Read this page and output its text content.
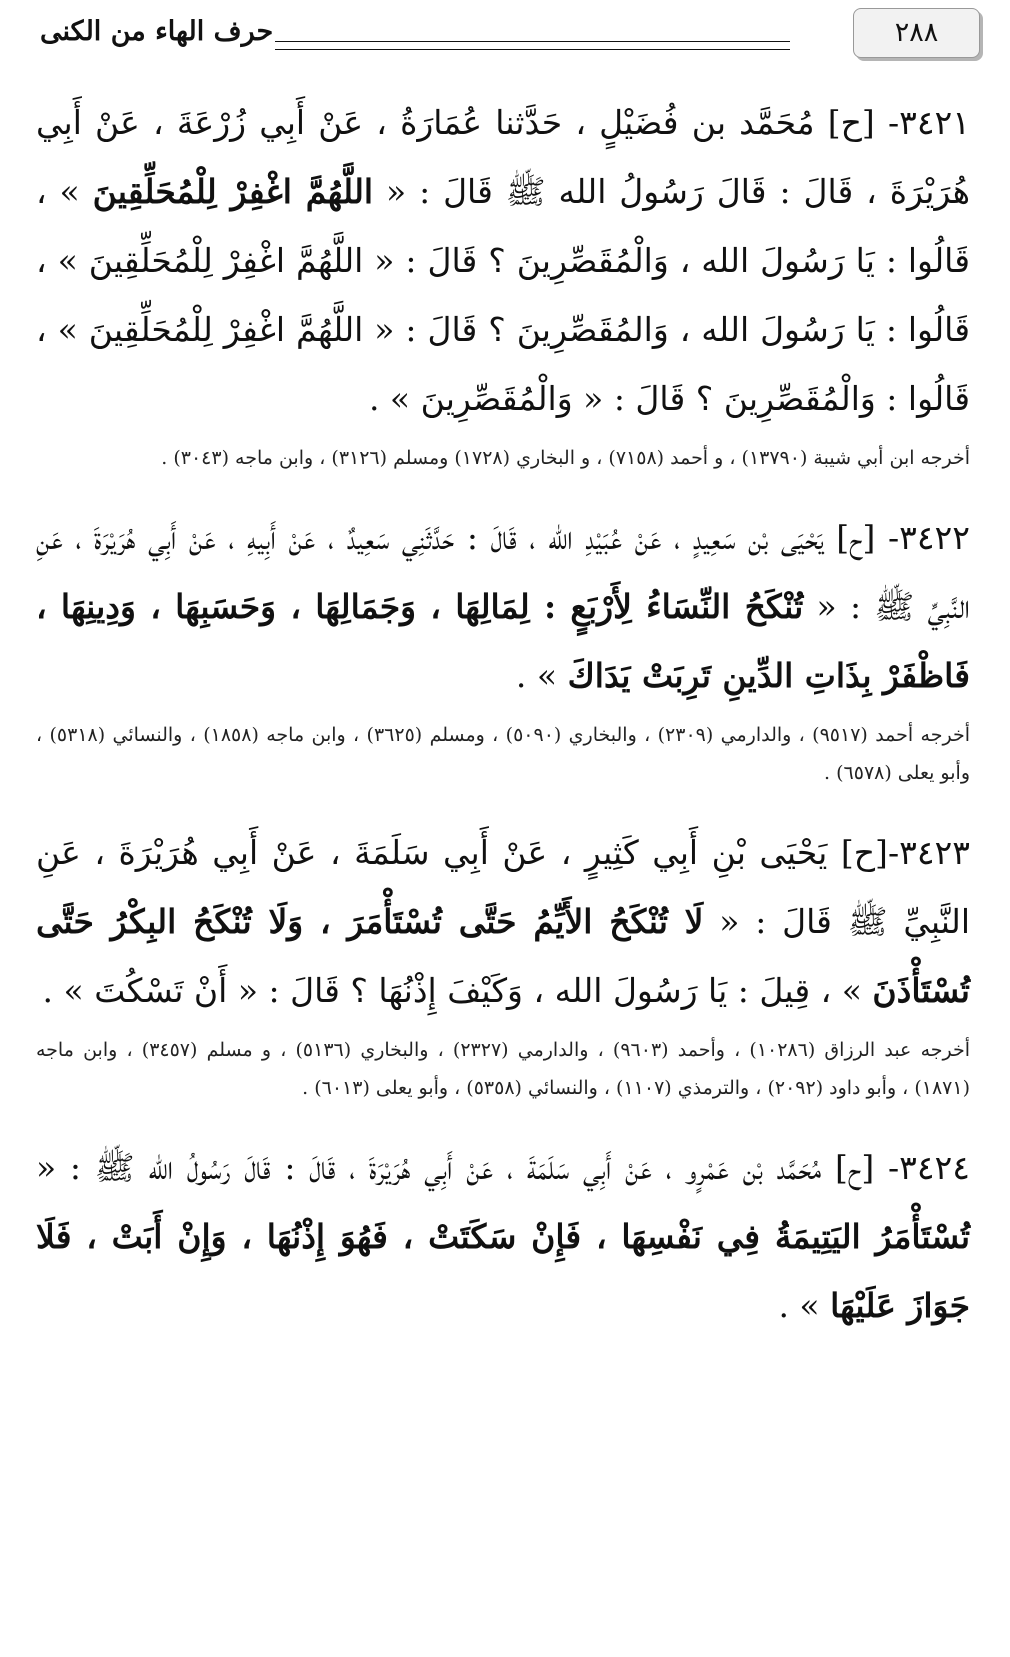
٢٨٨
حرف الهاء من الكنى

٣٤٢١- [ح] مُحَمَّد بن فُضَيْلٍ ، حَدَّثنا عُمَارَةُ ، عَنْ أَبِي زُرْعَةَ ، عَنْ أَبِي هُرَيْرَةَ ، قَالَ : قَالَ رَسُولُ الله ﷺ قَالَ : « اللَّهُمَّ اغْفِرْ لِلْمُحَلِّقِينَ » ، قَالُوا : يَا رَسُولَ الله ، وَالْمُقَصِّرِينَ ؟ قَالَ : « اللَّهُمَّ اغْفِرْ لِلْمُحَلِّقِينَ » ، قَالُوا : يَا رَسُولَ الله ، وَالمُقَصِّرِينَ ؟ قَالَ : « اللَّهُمَّ اغْفِرْ لِلْمُحَلِّقِينَ » ، قَالُوا : وَالْمُقَصِّرِينَ ؟ قَالَ : « وَالْمُقَصِّرِينَ » .

أخرجه ابن أبي شيبة (١٣٧٩٠) ، و أحمد (٧١٥٨) ، و البخاري (١٧٢٨) ومسلم (٣١٢٦) ، وابن ماجه (٣٠٤٣) .

٣٤٢٢- [ح] يَحْيَى بْن سَعِيدٍ ، عَنْ عُبَيْدِ الله ، قَالَ : حَدَّثَنِي سَعِيدٌ ، عَنْ أَبِيهِ ، عَنْ أَبِي هُرَيْرَةَ ، عَنِ النَّبِيِّ ﷺ : « تُنْكَحُ النِّسَاءُ لِأَرْبَعٍ : لِمَالِهَا ، وَجَمَالِهَا ، وَحَسَبِهَا ، وَدِينِهَا ، فَاظْفَرْ بِذَاتِ الدِّينِ تَرِبَتْ يَدَاكَ » .

أخرجه أحمد (٩٥١٧) ، والدارمي (٢٣٠٩) ، والبخاري (٥٠٩٠) ، ومسلم (٣٦٢٥) ، وابن ماجه (١٨٥٨) ، والنسائي (٥٣١٨) ، وأبو يعلى (٦٥٧٨) .

٣٤٢٣-[ح] يَحْيَى بْنِ أَبِي كَثِيرٍ ، عَنْ أَبِي سَلَمَةَ ، عَنْ أَبِي هُرَيْرَةَ ، عَنِ النَّبِيِّ ﷺ قَالَ : « لَا تُنْكَحُ الأَيِّمُ حَتَّى تُسْتَأْمَرَ ، وَلَا تُنْكَحُ البِكْرُ حَتَّى تُسْتَأْذَنَ » ، قِيلَ : يَا رَسُولَ الله ، وَكَيْفَ إِذْنُهَا ؟ قَالَ : « أَنْ تَسْكُتَ » .

أخرجه عبد الرزاق (١٠٢٨٦) ، وأحمد (٩٦٠٣) ، والدارمي (٢٣٢٧) ، والبخاري (٥١٣٦) ، و مسلم (٣٤٥٧) ، وابن ماجه (١٨٧١) ، وأبو داود (٢٠٩٢) ، والترمذي (١١٠٧) ، والنسائي (٥٣٥٨) ، وأبو يعلى (٦٠١٣) .

٣٤٢٤- [ح] مُحَمَّد بْن عَمْرٍو ، عَنْ أَبِي سَلَمَةَ ، عَنْ أَبِي هُرَيْرَةَ ، قَالَ : قَالَ رَسُولُ الله ﷺ : « تُسْتَأْمَرُ اليَتِيمَةُ فِي نَفْسِهَا ، فَإِنْ سَكَتَتْ ، فَهُوَ إِذْنُهَا ، وَإِنْ أَبَتْ ، فَلَا جَوَازَ عَلَيْهَا » .
